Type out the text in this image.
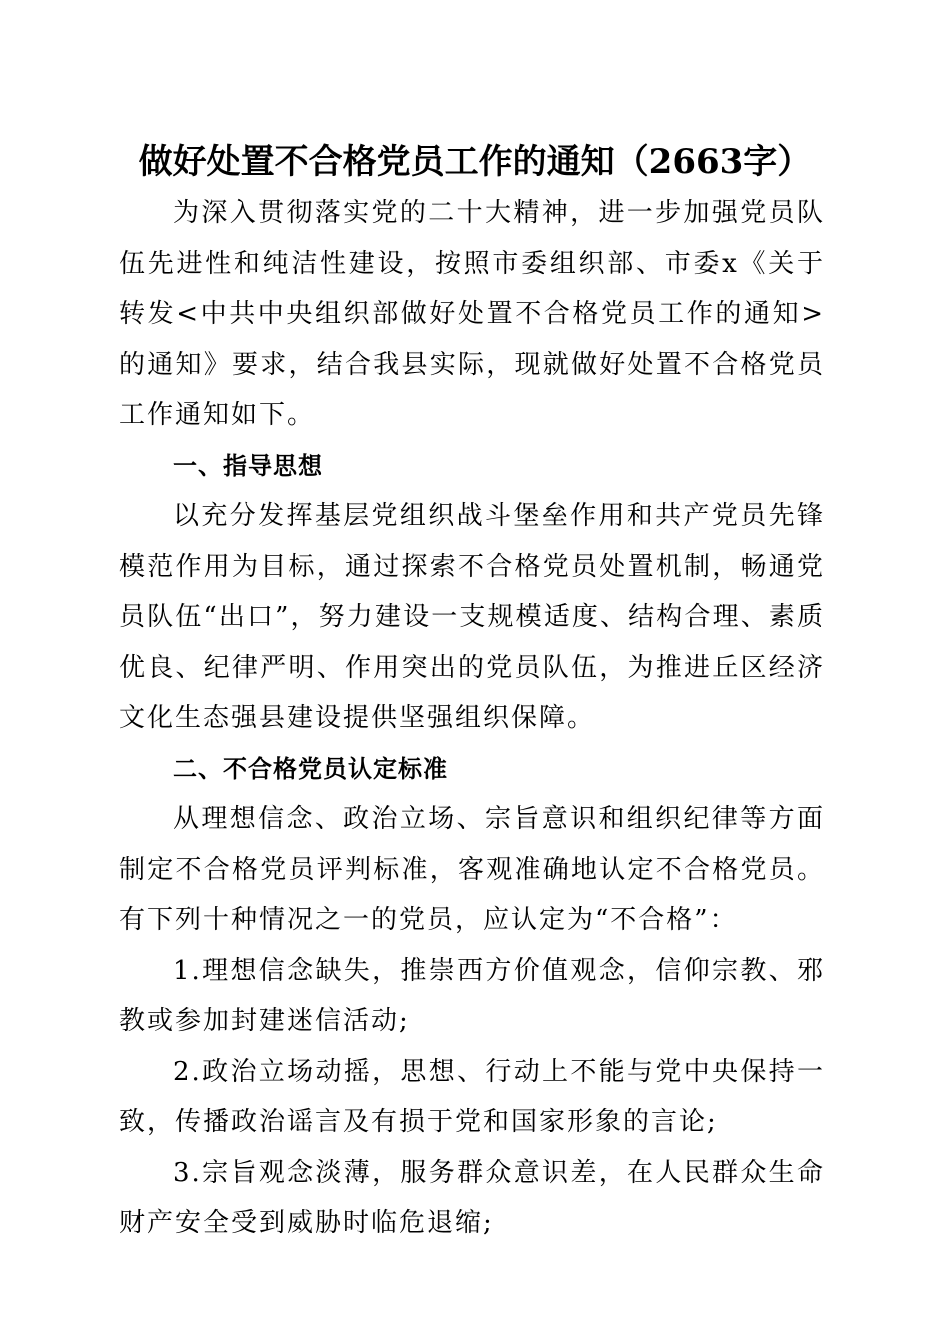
做好处置不合格党员工作的通知（2663字）

为深入贯彻落实党的二十大精神，进一步加强党员队伍先进性和纯洁性建设，按照市委组织部、市委x《关于转发<中共中央组织部做好处置不合格党员工作的通知>的通知》要求，结合我县实际，现就做好处置不合格党员工作通知如下。

一、指导思想

以充分发挥基层党组织战斗堡垒作用和共产党员先锋模范作用为目标，通过探索不合格党员处置机制，畅通党员队伍“出口”，努力建设一支规模适度、结构合理、素质优良、纪律严明、作用突出的党员队伍，为推进丘区经济文化生态强县建设提供坚强组织保障。

二、不合格党员认定标准

从理想信念、政治立场、宗旨意识和组织纪律等方面制定不合格党员评判标准，客观准确地认定不合格党员。有下列十种情况之一的党员，应认定为“不合格”：

1.理想信念缺失，推崇西方价值观念，信仰宗教、邪教或参加封建迷信活动;

2.政治立场动摇，思想、行动上不能与党中央保持一致，传播政治谣言及有损于党和国家形象的言论;

3.宗旨观念淡薄，服务群众意识差，在人民群众生命财产安全受到威胁时临危退缩;
